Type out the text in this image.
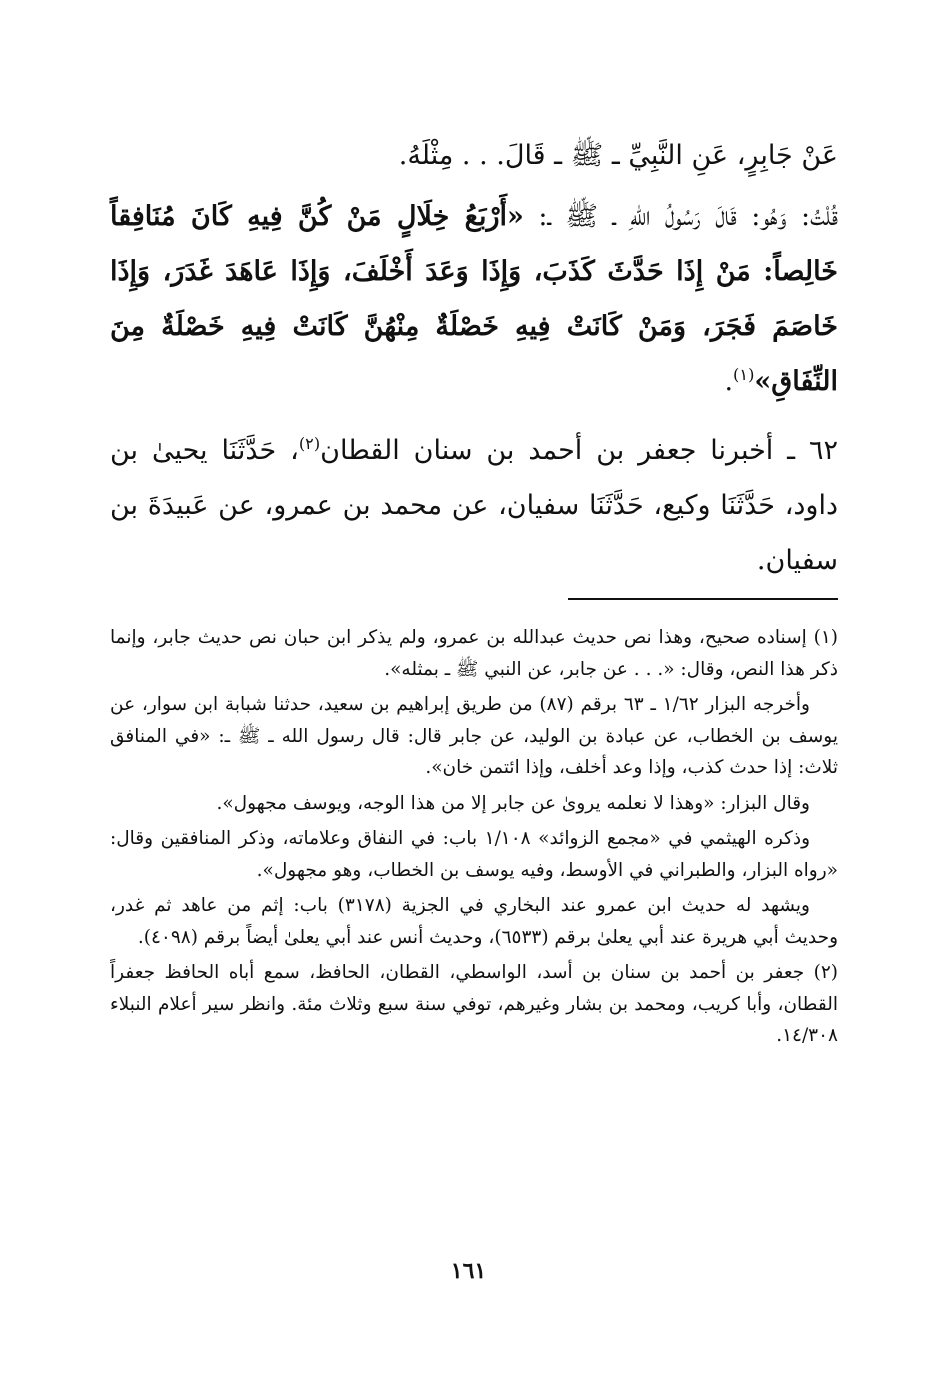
عَنْ جَابِرٍ، عَنِ النَّبِيِّ ـ ﷺ ـ قَالَ. . . مِثْلَهُ.

قُلْتُ: وَهُو: قَالَ رَسُولُ اللهِ ـ ﷺ ـ: «أَرْبَعُ خِلَالٍ مَنْ كُنَّ فِيهِ كَانَ مُنَافِقاً خَالِصاً: مَنْ إِذَا حَدَّثَ كَذَبَ، وَإِذَا وَعَدَ أَخْلَفَ، وَإِذَا عَاهَدَ غَدَرَ، وَإِذَا خَاصَمَ فَجَرَ، وَمَنْ كَانَتْ فِيهِ خَصْلَةٌ مِنْهُنَّ كَانَتْ فِيهِ خَصْلَةٌ مِنَ النِّفَاقِ»$^{(١)}$.

٦٢ ـ أخبرنا جعفر بن أحمد بن سنان القطان$^{(٢)}$، حَدَّثَنَا يحيىٰ بن داود، حَدَّثَنَا وكيع، حَدَّثَنَا سفيان، عن محمد بن عمرو، عن عَبيدَةَ بن سفيان.

(١) إسناده صحيح، وهذا نص حديث عبدالله بن عمرو، ولم يذكر ابن حبان نص حديث جابر، وإنما ذكر هذا النص، وقال: «. . . عن جابر، عن النبي ﷺ ـ بمثله».

وأخرجه البزار ١/٦٢ ـ ٦٣ برقم (٨٧) من طريق إبراهيم بن سعيد، حدثنا شبابة ابن سوار، عن يوسف بن الخطاب، عن عبادة بن الوليد، عن جابر قال: قال رسول الله ـ ﷺ ـ: «في المنافق ثلاث: إذا حدث كذب، وإذا وعد أخلف، وإذا ائتمن خان».

وقال البزار: «وهذا لا نعلمه يروىٰ عن جابر إلا من هذا الوجه، ويوسف مجهول».

وذكره الهيثمي في «مجمع الزوائد» ١/١٠٨ باب: في النفاق وعلاماته، وذكر المنافقين وقال: «رواه البزار، والطبراني في الأوسط، وفيه يوسف بن الخطاب، وهو مجهول».

ويشهد له حديث ابن عمرو عند البخاري في الجزية (٣١٧٨) باب: إثم من عاهد ثم غدر، وحديث أبي هريرة عند أبي يعلىٰ برقم (٦٥٣٣)، وحديث أنس عند أبي يعلىٰ أيضاً برقم (٤٠٩٨).

(٢) جعفر بن أحمد بن سنان بن أسد، الواسطي، القطان، الحافظ، سمع أباه الحافظ جعفراً القطان، وأبا كريب، ومحمد بن بشار وغيرهم، توفي سنة سبع وثلاث مئة. وانظر سير أعلام النبلاء ١٤/٣٠٨.

١٦١
